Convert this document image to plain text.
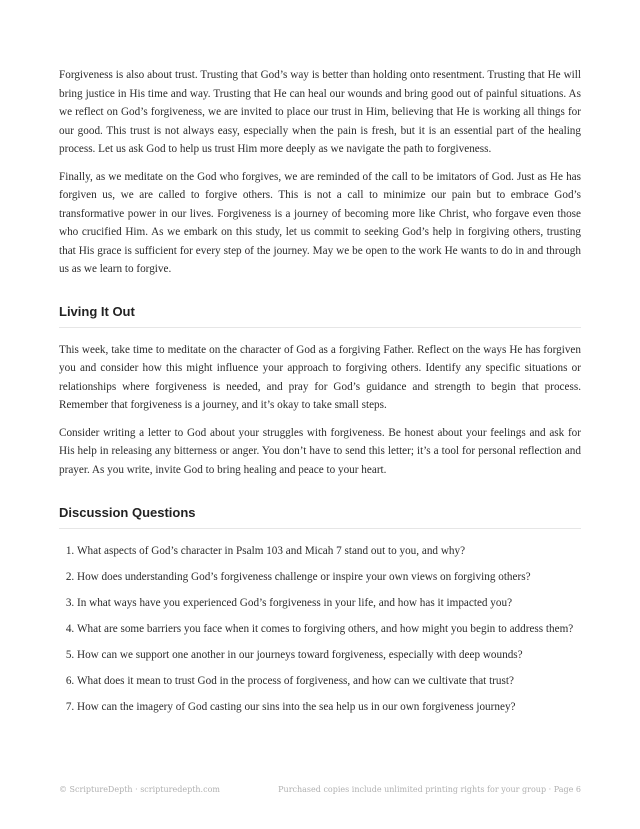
Forgiveness is also about trust. Trusting that God’s way is better than holding onto resentment. Trusting that He will bring justice in His time and way. Trusting that He can heal our wounds and bring good out of painful situations. As we reflect on God’s forgiveness, we are invited to place our trust in Him, believing that He is working all things for our good. This trust is not always easy, especially when the pain is fresh, but it is an essential part of the healing process. Let us ask God to help us trust Him more deeply as we navigate the path to forgiveness.

Finally, as we meditate on the God who forgives, we are reminded of the call to be imitators of God. Just as He has forgiven us, we are called to forgive others. This is not a call to minimize our pain but to embrace God’s transformative power in our lives. Forgiveness is a journey of becoming more like Christ, who forgave even those who crucified Him. As we embark on this study, let us commit to seeking God’s help in forgiving others, trusting that His grace is sufficient for every step of the journey. May we be open to the work He wants to do in and through us as we learn to forgive.

Living It Out

This week, take time to meditate on the character of God as a forgiving Father. Reflect on the ways He has forgiven you and consider how this might influence your approach to forgiving others. Identify any specific situations or relationships where forgiveness is needed, and pray for God’s guidance and strength to begin that process. Remember that forgiveness is a journey, and it’s okay to take small steps.

Consider writing a letter to God about your struggles with forgiveness. Be honest about your feelings and ask for His help in releasing any bitterness or anger. You don’t have to send this letter; it’s a tool for personal reflection and prayer. As you write, invite God to bring healing and peace to your heart.

Discussion Questions
1. What aspects of God’s character in Psalm 103 and Micah 7 stand out to you, and why?
2. How does understanding God’s forgiveness challenge or inspire your own views on forgiving others?
3. In what ways have you experienced God’s forgiveness in your life, and how has it impacted you?
4. What are some barriers you face when it comes to forgiving others, and how might you begin to address them?
5. How can we support one another in our journeys toward forgiveness, especially with deep wounds?
6. What does it mean to trust God in the process of forgiveness, and how can we cultivate that trust?
7. How can the imagery of God casting our sins into the sea help us in our own forgiveness journey?
© ScriptureDepth · scripturedepth.com	Purchased copies include unlimited printing rights for your group · Page 6
